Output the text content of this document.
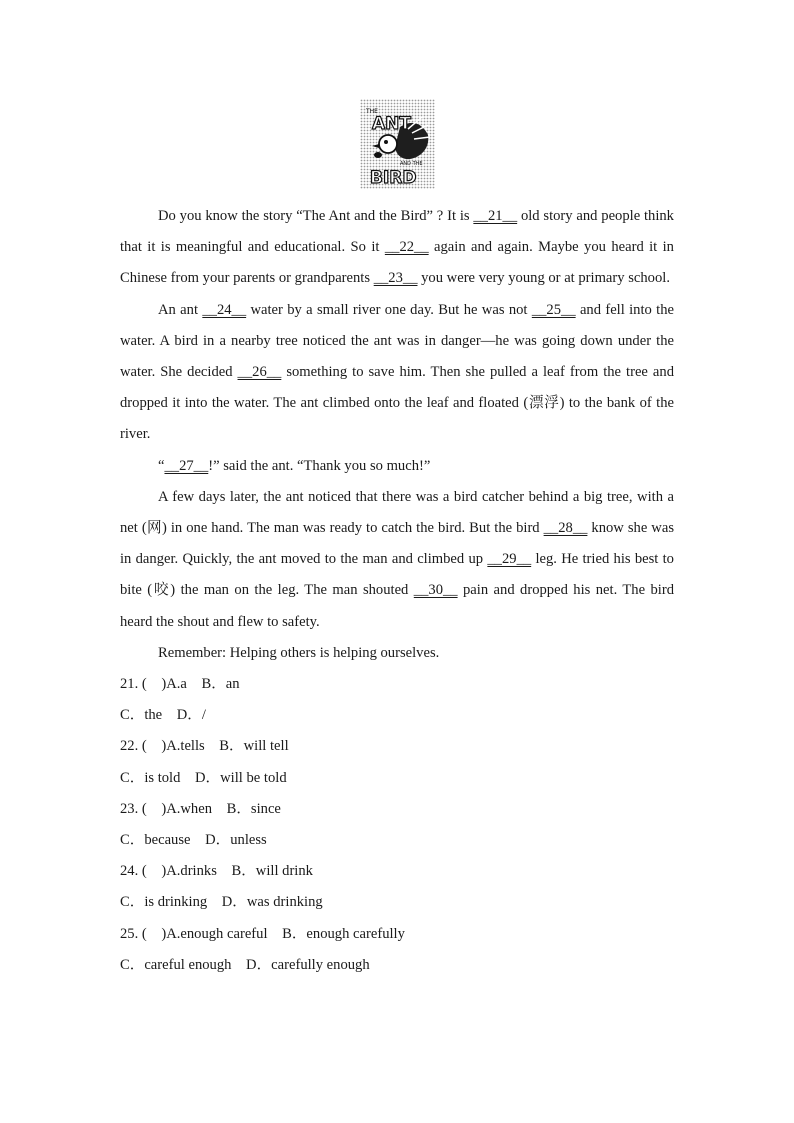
THE
ANT
AND THE
BIRD

Do you know the story “The Ant and the Bird” ? It is __21__ old story and people think that it is meaningful and educational. So it __22__ again and again. Maybe you heard it in Chinese from your parents or grandparents __23__ you were very young or at primary school.

An ant __24__ water by a small river one day. But he was not __25__ and fell into the water. A bird in a nearby tree noticed the ant was in danger—he was going down under the water. She decided __26__ something to save him. Then she pulled a leaf from the tree and dropped it into the water. The ant climbed onto the leaf and floated (漂浮) to the bank of the river.

“__27__!” said the ant. “Thank you so much!”

A few days later, the ant noticed that there was a bird catcher behind a big tree, with a net (网) in one hand. The man was ready to catch the bird. But the bird __28__ know she was in danger. Quickly, the ant moved to the man and climbed up __29__ leg. He tried his best to bite (咬) the man on the leg. The man shouted __30__ pain and dropped his net. The bird heard the shout and flew to safety.

Remember: Helping others is helping ourselves.

21. (　)A.a　B．an

C．the　D．/

22. (　)A.tells　B．will tell

C．is told　D．will be told

23. (　)A.when　B．since

C．because　D．unless

24. (　)A.drinks　B．will drink

C．is drinking　D．was drinking

25. (　)A.enough careful　B．enough carefully

C．careful enough　D．carefully enough
